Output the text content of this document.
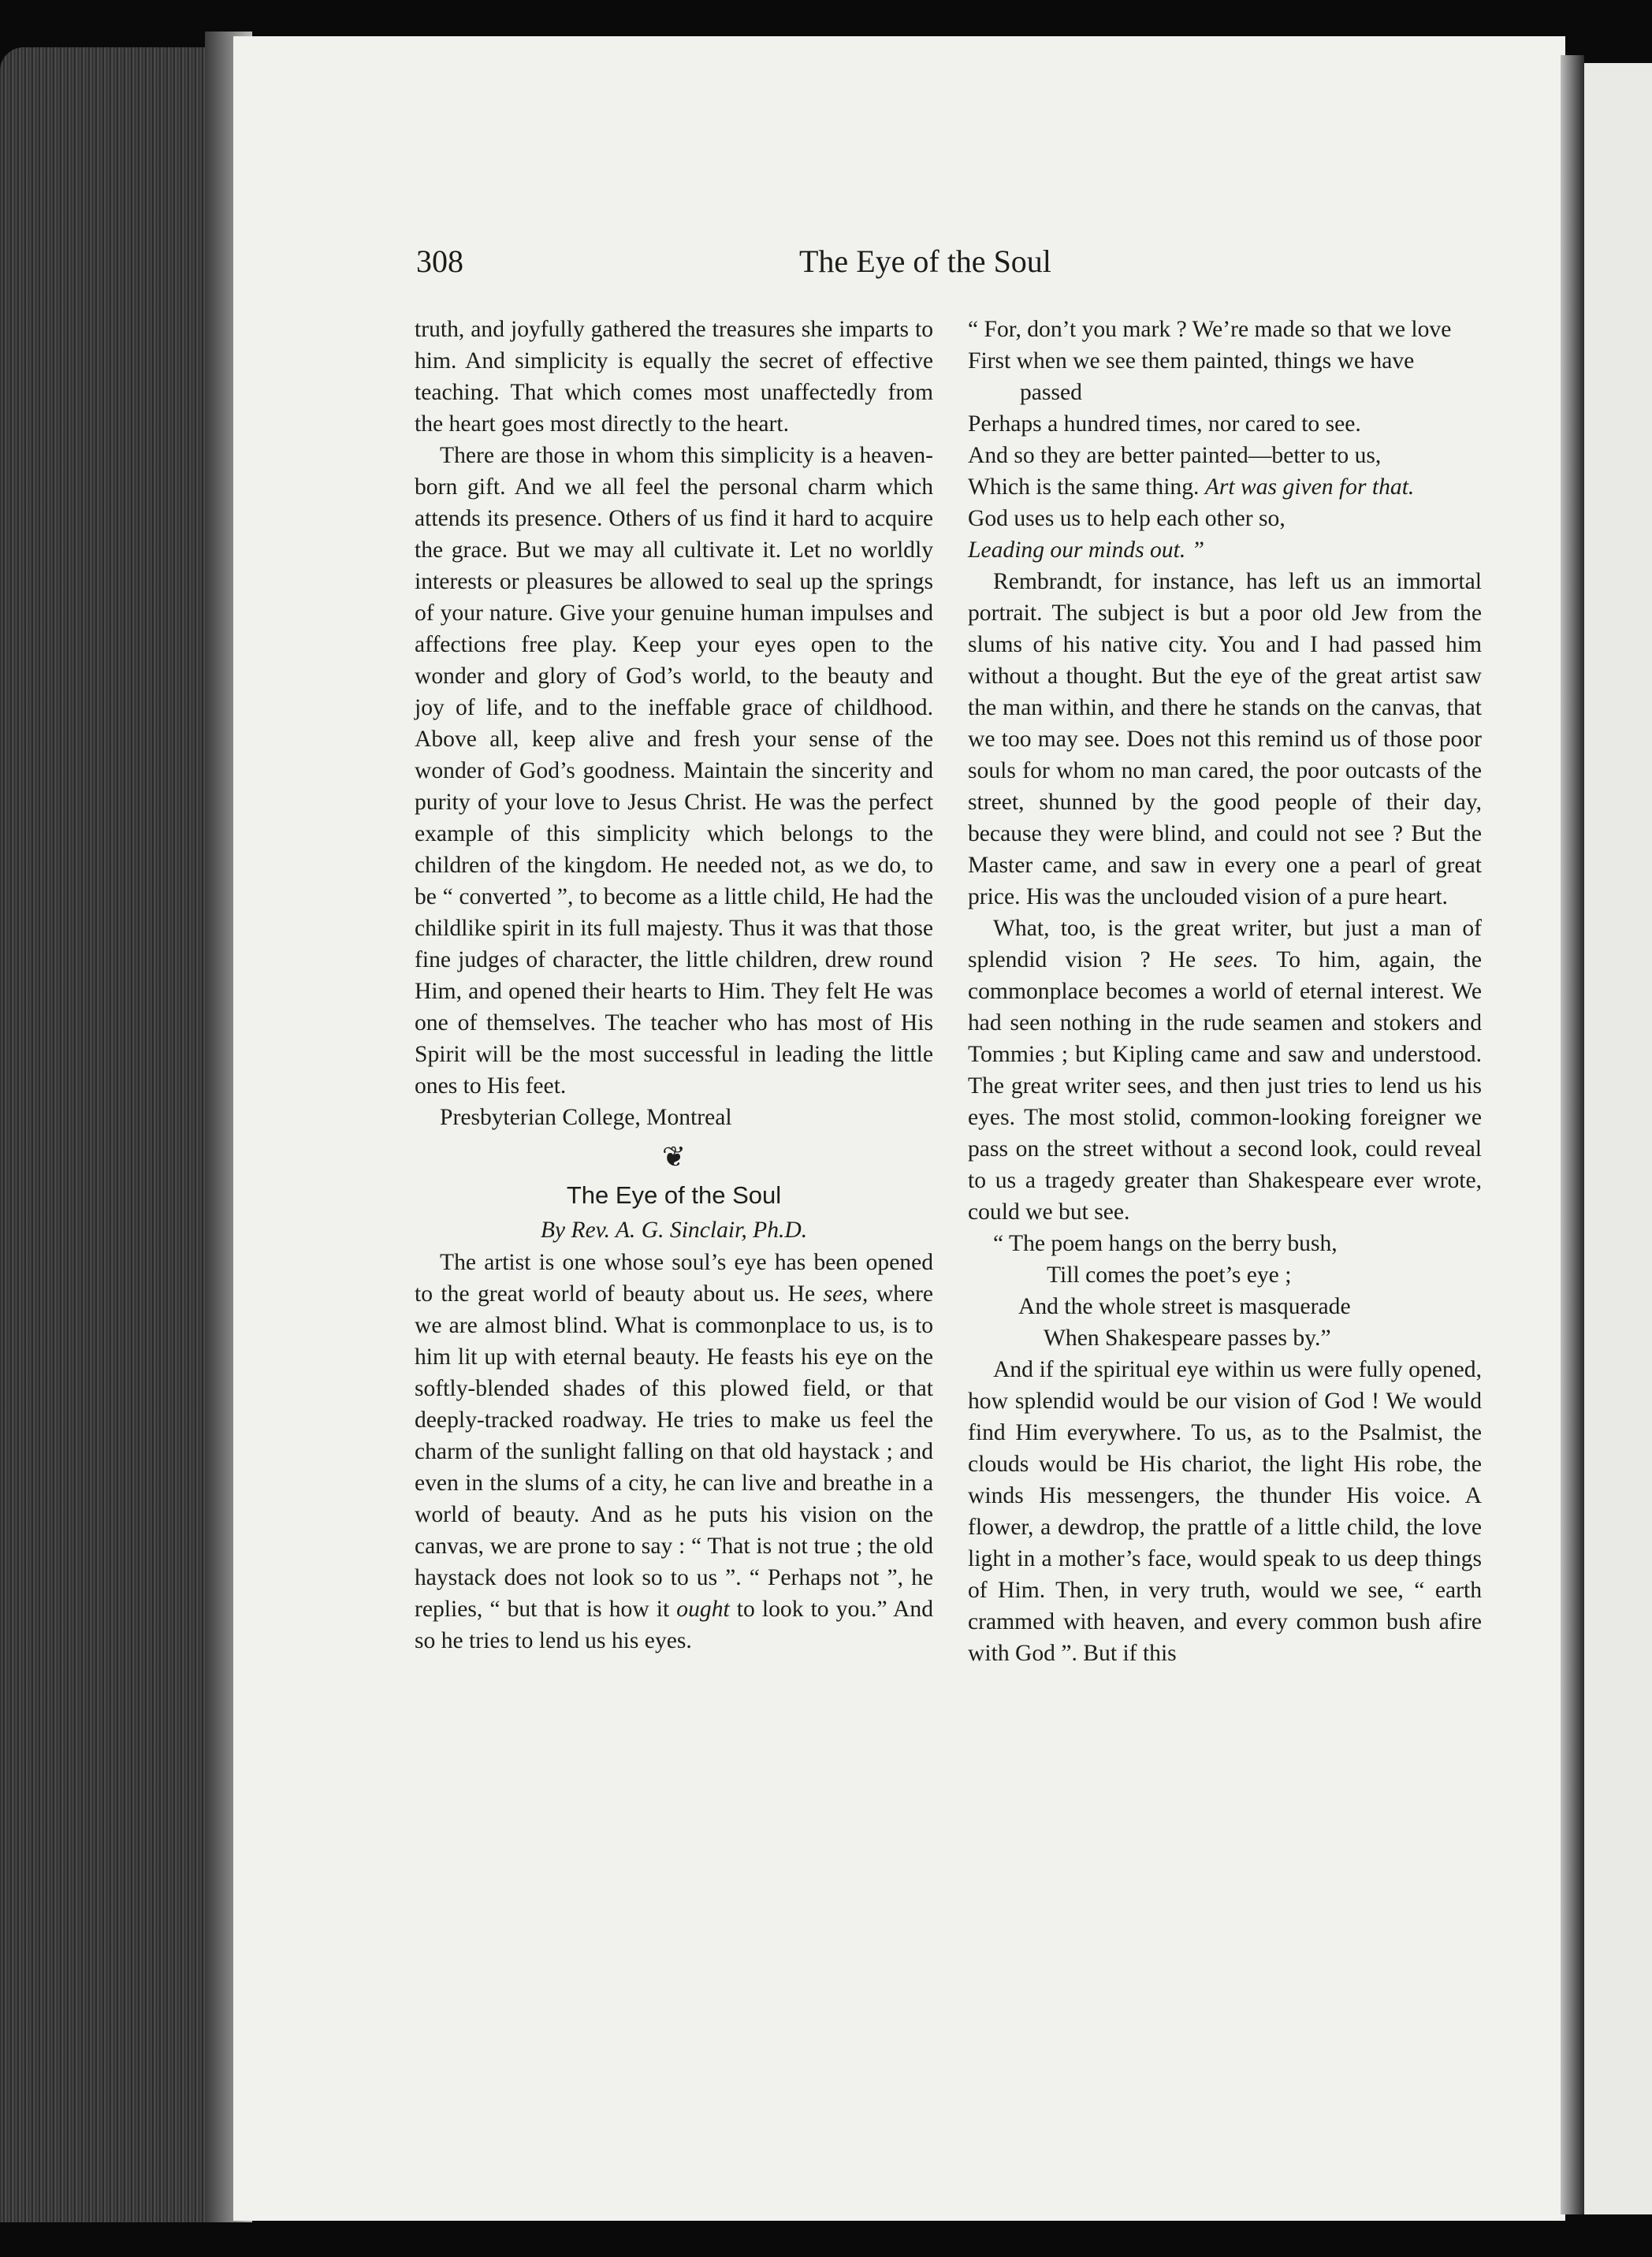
308	The Eye of the Soul

truth, and joyfully gathered the treasures she imparts to him. And simplicity is equally the secret of effective teaching. That which comes most unaffectedly from the heart goes most directly to the heart.

There are those in whom this simplicity is a heaven-born gift. And we all feel the personal charm which attends its presence. Others of us find it hard to acquire the grace. But we may all cultivate it. Let no worldly interests or pleasures be allowed to seal up the springs of your nature. Give your genuine human impulses and affections free play. Keep your eyes open to the wonder and glory of God’s world, to the beauty and joy of life, and to the ineffable grace of childhood. Above all, keep alive and fresh your sense of the wonder of God’s goodness. Maintain the sincerity and purity of your love to Jesus Christ. He was the perfect example of this simplicity which belongs to the children of the kingdom. He needed not, as we do, to be “ converted ”, to become as a little child, He had the childlike spirit in its full majesty. Thus it was that those fine judges of character, the little children, drew round Him, and opened their hearts to Him. They felt He was one of themselves. The teacher who has most of His Spirit will be the most successful in leading the little ones to His feet.

Presbyterian College, Montreal

❦
The Eye of the Soul
By Rev. A. G. Sinclair, Ph.D.

The artist is one whose soul’s eye has been opened to the great world of beauty about us. He sees, where we are almost blind. What is commonplace to us, is to him lit up with eternal beauty. He feasts his eye on the softly-blended shades of this plowed field, or that deeply-tracked roadway. He tries to make us feel the charm of the sunlight falling on that old haystack ; and even in the slums of a city, he can live and breathe in a world of beauty. And as he puts his vision on the canvas, we are prone to say : “ That is not true ; the old haystack does not look so to us ”. “ Perhaps not ”, he replies, “ but that is how it ought to look to you.” And so he tries to lend us his eyes.

“ For, don’t you mark ? We’re made so that we love

First when we see them painted, things we have passed

Perhaps a hundred times, nor cared to see.

And so they are better painted—better to us,

Which is the same thing. Art was given for that.

God uses us to help each other so,

Leading our minds out. ”

Rembrandt, for instance, has left us an immortal portrait. The subject is but a poor old Jew from the slums of his native city. You and I had passed him without a thought. But the eye of the great artist saw the man within, and there he stands on the canvas, that we too may see. Does not this remind us of those poor souls for whom no man cared, the poor outcasts of the street, shunned by the good people of their day, because they were blind, and could not see ? But the Master came, and saw in every one a pearl of great price. His was the unclouded vision of a pure heart.

What, too, is the great writer, but just a man of splendid vision ? He sees. To him, again, the commonplace becomes a world of eternal interest. We had seen nothing in the rude seamen and stokers and Tommies ; but Kipling came and saw and understood. The great writer sees, and then just tries to lend us his eyes. The most stolid, common-looking foreigner we pass on the street without a second look, could reveal to us a tragedy greater than Shakespeare ever wrote, could we but see.

“ The poem hangs on the berry bush,

Till comes the poet’s eye ;

And the whole street is masquerade

When Shakespeare passes by.”

And if the spiritual eye within us were fully opened, how splendid would be our vision of God ! We would find Him everywhere. To us, as to the Psalmist, the clouds would be His chariot, the light His robe, the winds His messengers, the thunder His voice. A flower, a dewdrop, the prattle of a little child, the love light in a mother’s face, would speak to us deep things of Him. Then, in very truth, would we see, “ earth crammed with heaven, and every common bush afire with God ”. But if this
